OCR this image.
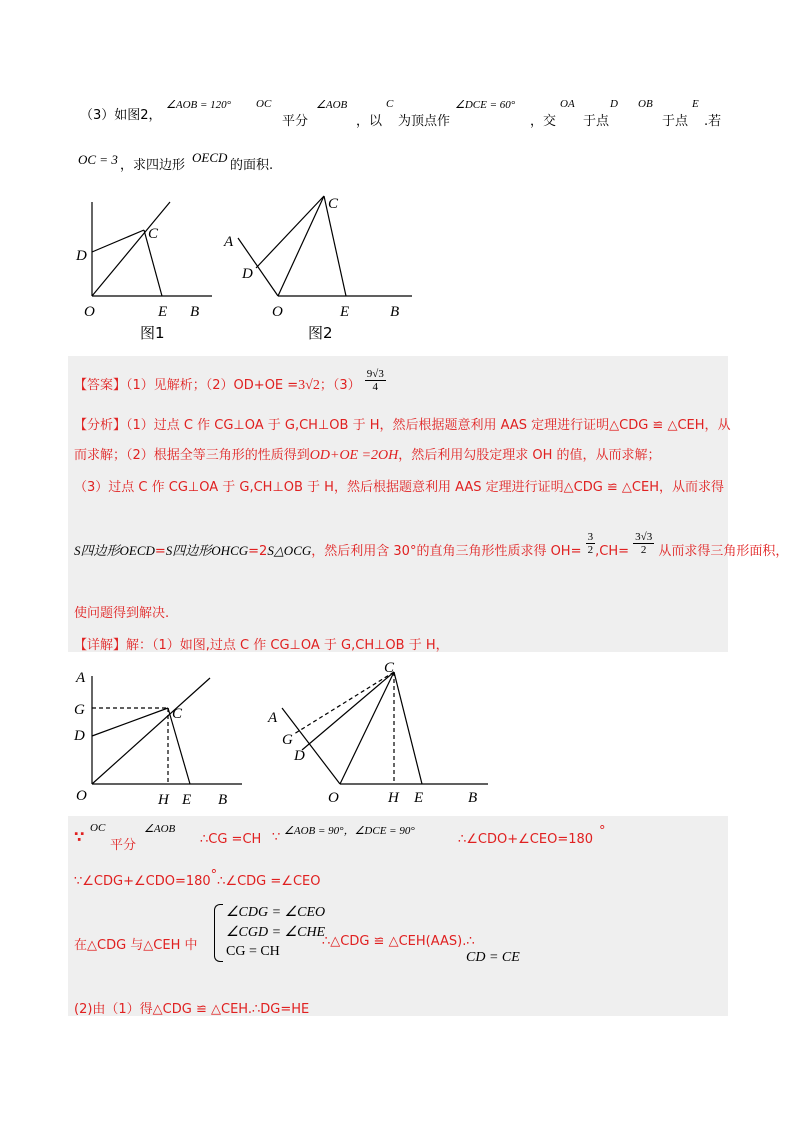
（3）如图2，
∠AOB = 120° OC
平分
∠AOB
，以
C
为顶点作
∠DCE = 60°
，交
OA
于点
D OB
于点
E
.若
OC = 3 ，求四边形
OECD
的面积.
D
C
O	E B
图1
A
D
C
O	E	B
图2
【答案】（1）见解析；（2）OD+OE =3√2；$(3) \frac{9√3}{4}$
【分析】（1）过点 C 作 CG⊥OA 于 G,CH⊥OB 于 H，然后根据题意利用 AAS 定理进行证明△CDG ≌ △CEH，从
而求解；（2）根据全等三角形的性质得到OD+OE =2OH，然后利用勾股定理求 OH 的值，从而求解；
（3）过点 C 作 CG⊥OA 于 G,CH⊥OB 于 H，然后根据题意利用 AAS 定理进行证明△CDG ≌ △CEH，从而求得
S四边形OECD=S四边形OHCG=2S△OCG，然后利用含 30°的直角三角形性质求得 $OH= \frac{3}{2} ,CH= \frac{3√3}{2}$ 从而求得三角形面积，
使问题得到解决.
【详解】解：（1）如图,过点 C 作 CG⊥OA 于 G,CH⊥OB 于 H，
A
G
D
C
O	H E B
C
A
G
D
O	H E	B
∵ OC
平分
∠AOB
∴CG =CH ∵ ∠AOB = 90°，∠DCE = 90°
∴∠CDO+∠CEO=180°
∵∠CDG+∠CDO=180°∴∠CDG =∠CEO
在△CDG 与△CEH 中
∠CDG = ∠CEO
∠CGD = ∠CHE
CG = CH
∴△CDG ≌ △CEH(AAS).∴
CD = CE
(2)由（1）得△CDG ≌ △CEH.∴DG=HE
